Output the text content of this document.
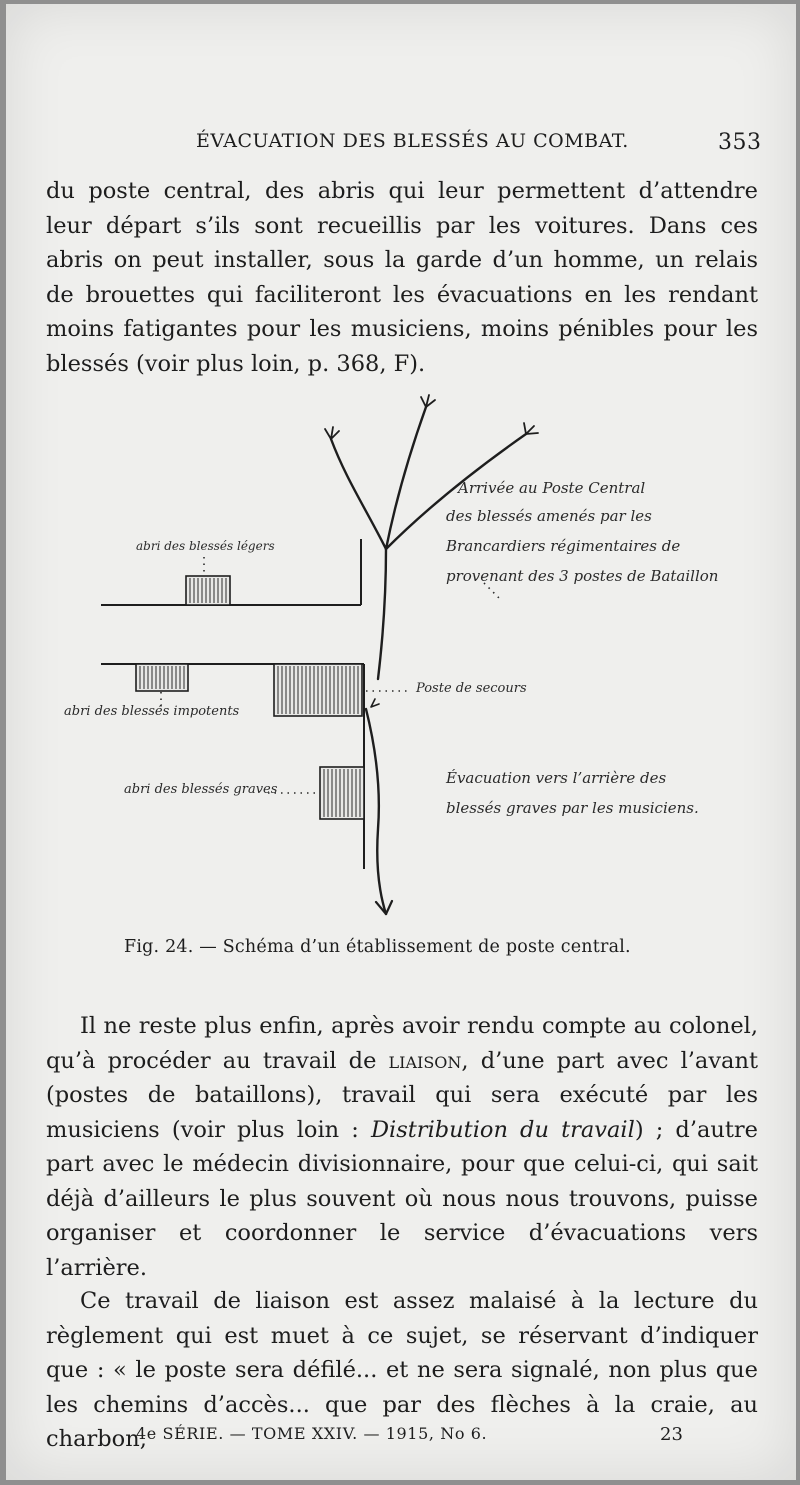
ÉVACUATION DES BLESSÉS AU COMBAT.	353

du poste central, des abris qui leur permettent d’attendre leur départ s’ils sont recueillis par les voitures. Dans ces abris on peut installer, sous la garde d’un homme, un relais de brouettes qui faciliteront les évacuations en les rendant moins fatigantes pour les musiciens, moins pénibles pour les blessés (voir plus loin, p. 368, F).

Arrivée au Poste Central
des blessés amenés par les
Brancardiers régimentaires de
provenant des 3 postes de Bataillon
abri des blessés légers
abri des blessés impotents
abri des blessés graves
Poste de secours
Évacuation vers l’arrière des
blessés graves par les musiciens.
Fig. 24. — Schéma d’un établissement de poste central.

Il ne reste plus enfin, après avoir rendu compte au colonel, qu’à procéder au travail de liaison, d’une part avec l’avant (postes de bataillons), travail qui sera exécuté par les musiciens (voir plus loin : Distribution du travail) ; d’autre part avec le médecin divisionnaire, pour que celui-ci, qui sait déjà d’ailleurs le plus souvent où nous nous trouvons, puisse organiser et coordonner le service d’évacuations vers l’arrière.

Ce travail de liaison est assez malaisé à la lecture du règlement qui est muet à ce sujet, se réservant d’indiquer que : « le poste sera défilé... et ne sera signalé, non plus que les chemins d’accès... que par des flèches à la craie, au charbon,

4e SÉRIE. — TOME XXIV. — 1915, No 6.	23
